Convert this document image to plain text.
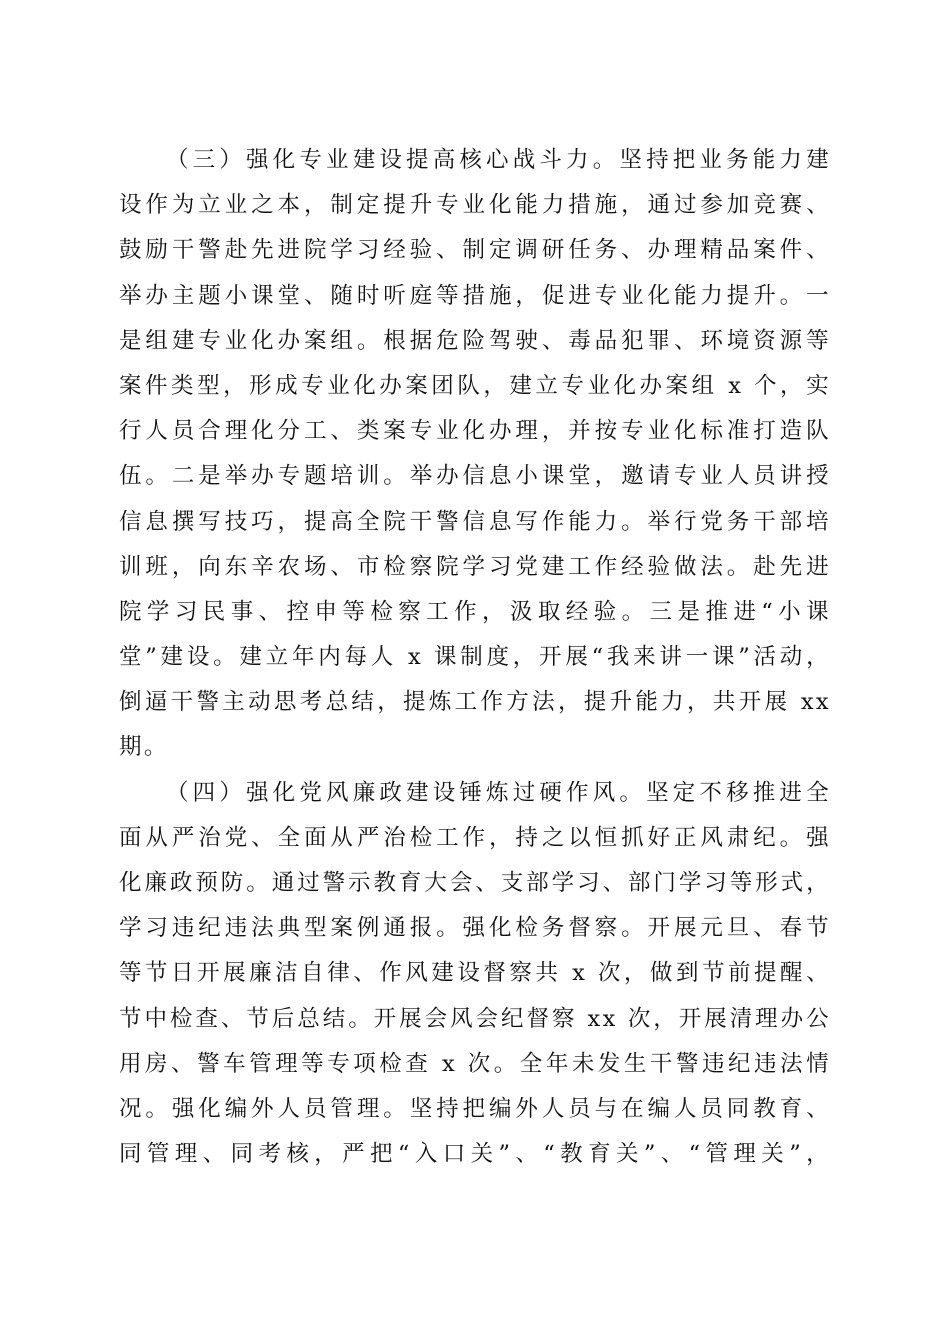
（三）强化专业建设提高核心战斗力。坚持把业务能力建
设作为立业之本，制定提升专业化能力措施，通过参加竞赛、
鼓励干警赴先进院学习经验、制定调研任务、办理精品案件、
举办主题小课堂、随时听庭等措施，促进专业化能力提升。一
是组建专业化办案组。根据危险驾驶、毒品犯罪、环境资源等
案件类型，形成专业化办案团队，建立专业化办案组 x 个，实
行人员合理化分工、类案专业化办理，并按专业化标准打造队
伍。二是举办专题培训。举办信息小课堂，邀请专业人员讲授
信息撰写技巧，提高全院干警信息写作能力。举行党务干部培
训班，向东辛农场、市检察院学习党建工作经验做法。赴先进
院学习民事、控申等检察工作，汲取经验。三是推进“小课
堂”建设。建立年内每人 x 课制度，开展“我来讲一课”活动，
倒逼干警主动思考总结，提炼工作方法，提升能力，共开展 xx
期。
（四）强化党风廉政建设锤炼过硬作风。坚定不移推进全
面从严治党、全面从严治检工作，持之以恒抓好正风肃纪。强
化廉政预防。通过警示教育大会、支部学习、部门学习等形式，
学习违纪违法典型案例通报。强化检务督察。开展元旦、春节
等节日开展廉洁自律、作风建设督察共 x 次，做到节前提醒、
节中检查、节后总结。开展会风会纪督察 xx 次，开展清理办公
用房、警车管理等专项检查 x 次。全年未发生干警违纪违法情
况。强化编外人员管理。坚持把编外人员与在编人员同教育、
同管理、同考核，严把“入口关”、“教育关”、“管理关”，
